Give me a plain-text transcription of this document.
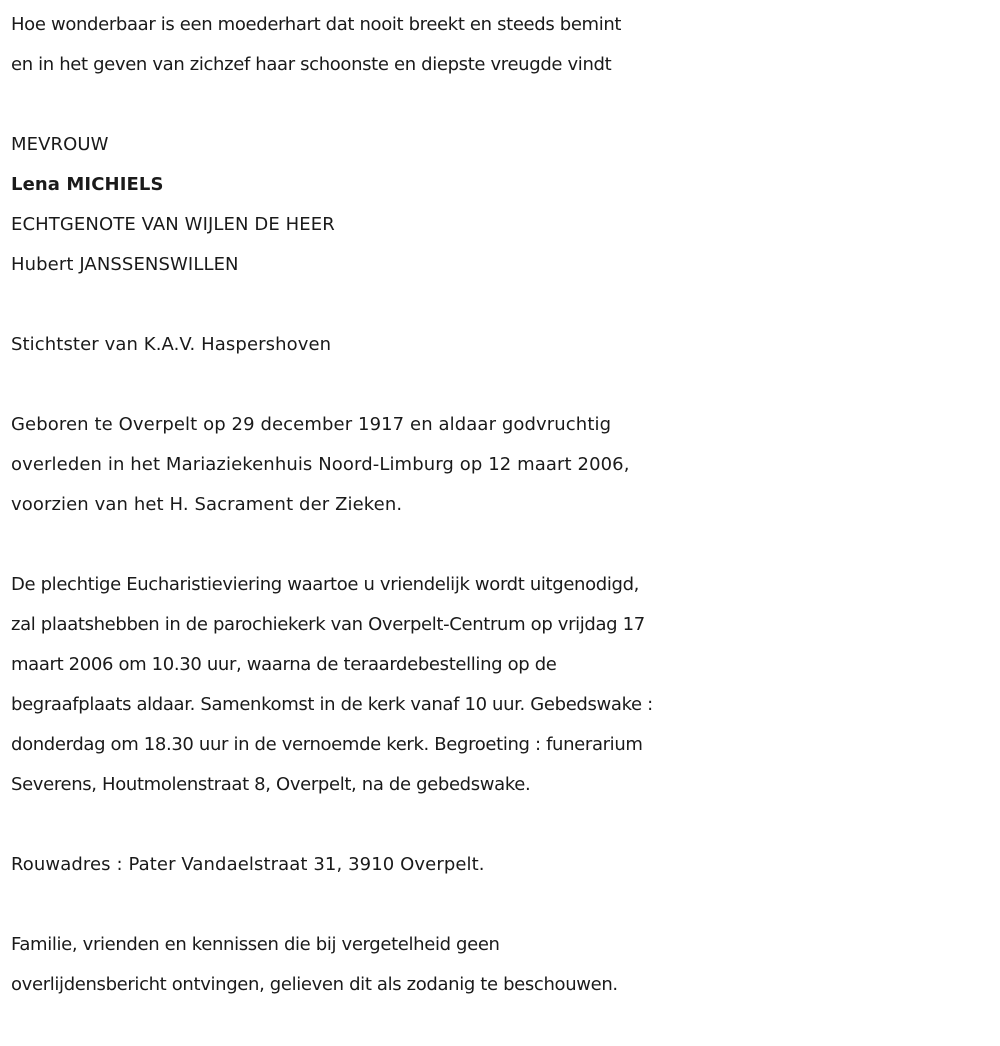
Hoe wonderbaar is een moederhart dat nooit breekt en steeds bemint
en in het geven van zichzef haar schoonste en diepste vreugde vindt
MEVROUW
Lena MICHIELS
ECHTGENOTE VAN WIJLEN DE HEER
Hubert JANSSENSWILLEN
Stichtster van K.A.V. Haspershoven
Geboren te Overpelt op 29 december 1917 en aldaar godvruchtig
overleden in het Mariaziekenhuis Noord-Limburg op 12 maart 2006,
voorzien van het H. Sacrament der Zieken.
De plechtige Eucharistieviering waartoe u vriendelijk wordt uitgenodigd,
zal plaatshebben in de parochiekerk van Overpelt-Centrum op vrijdag 17
maart 2006 om 10.30 uur, waarna de teraardebestelling op de
begraafplaats aldaar. Samenkomst in de kerk vanaf 10 uur. Gebedswake :
donderdag om 18.30 uur in de vernoemde kerk. Begroeting : funerarium
Severens, Houtmolenstraat 8, Overpelt, na de gebedswake.
Rouwadres : Pater Vandaelstraat 31, 3910 Overpelt.
Familie, vrienden en kennissen die bij vergetelheid geen
overlijdensbericht ontvingen, gelieven dit als zodanig te beschouwen.
